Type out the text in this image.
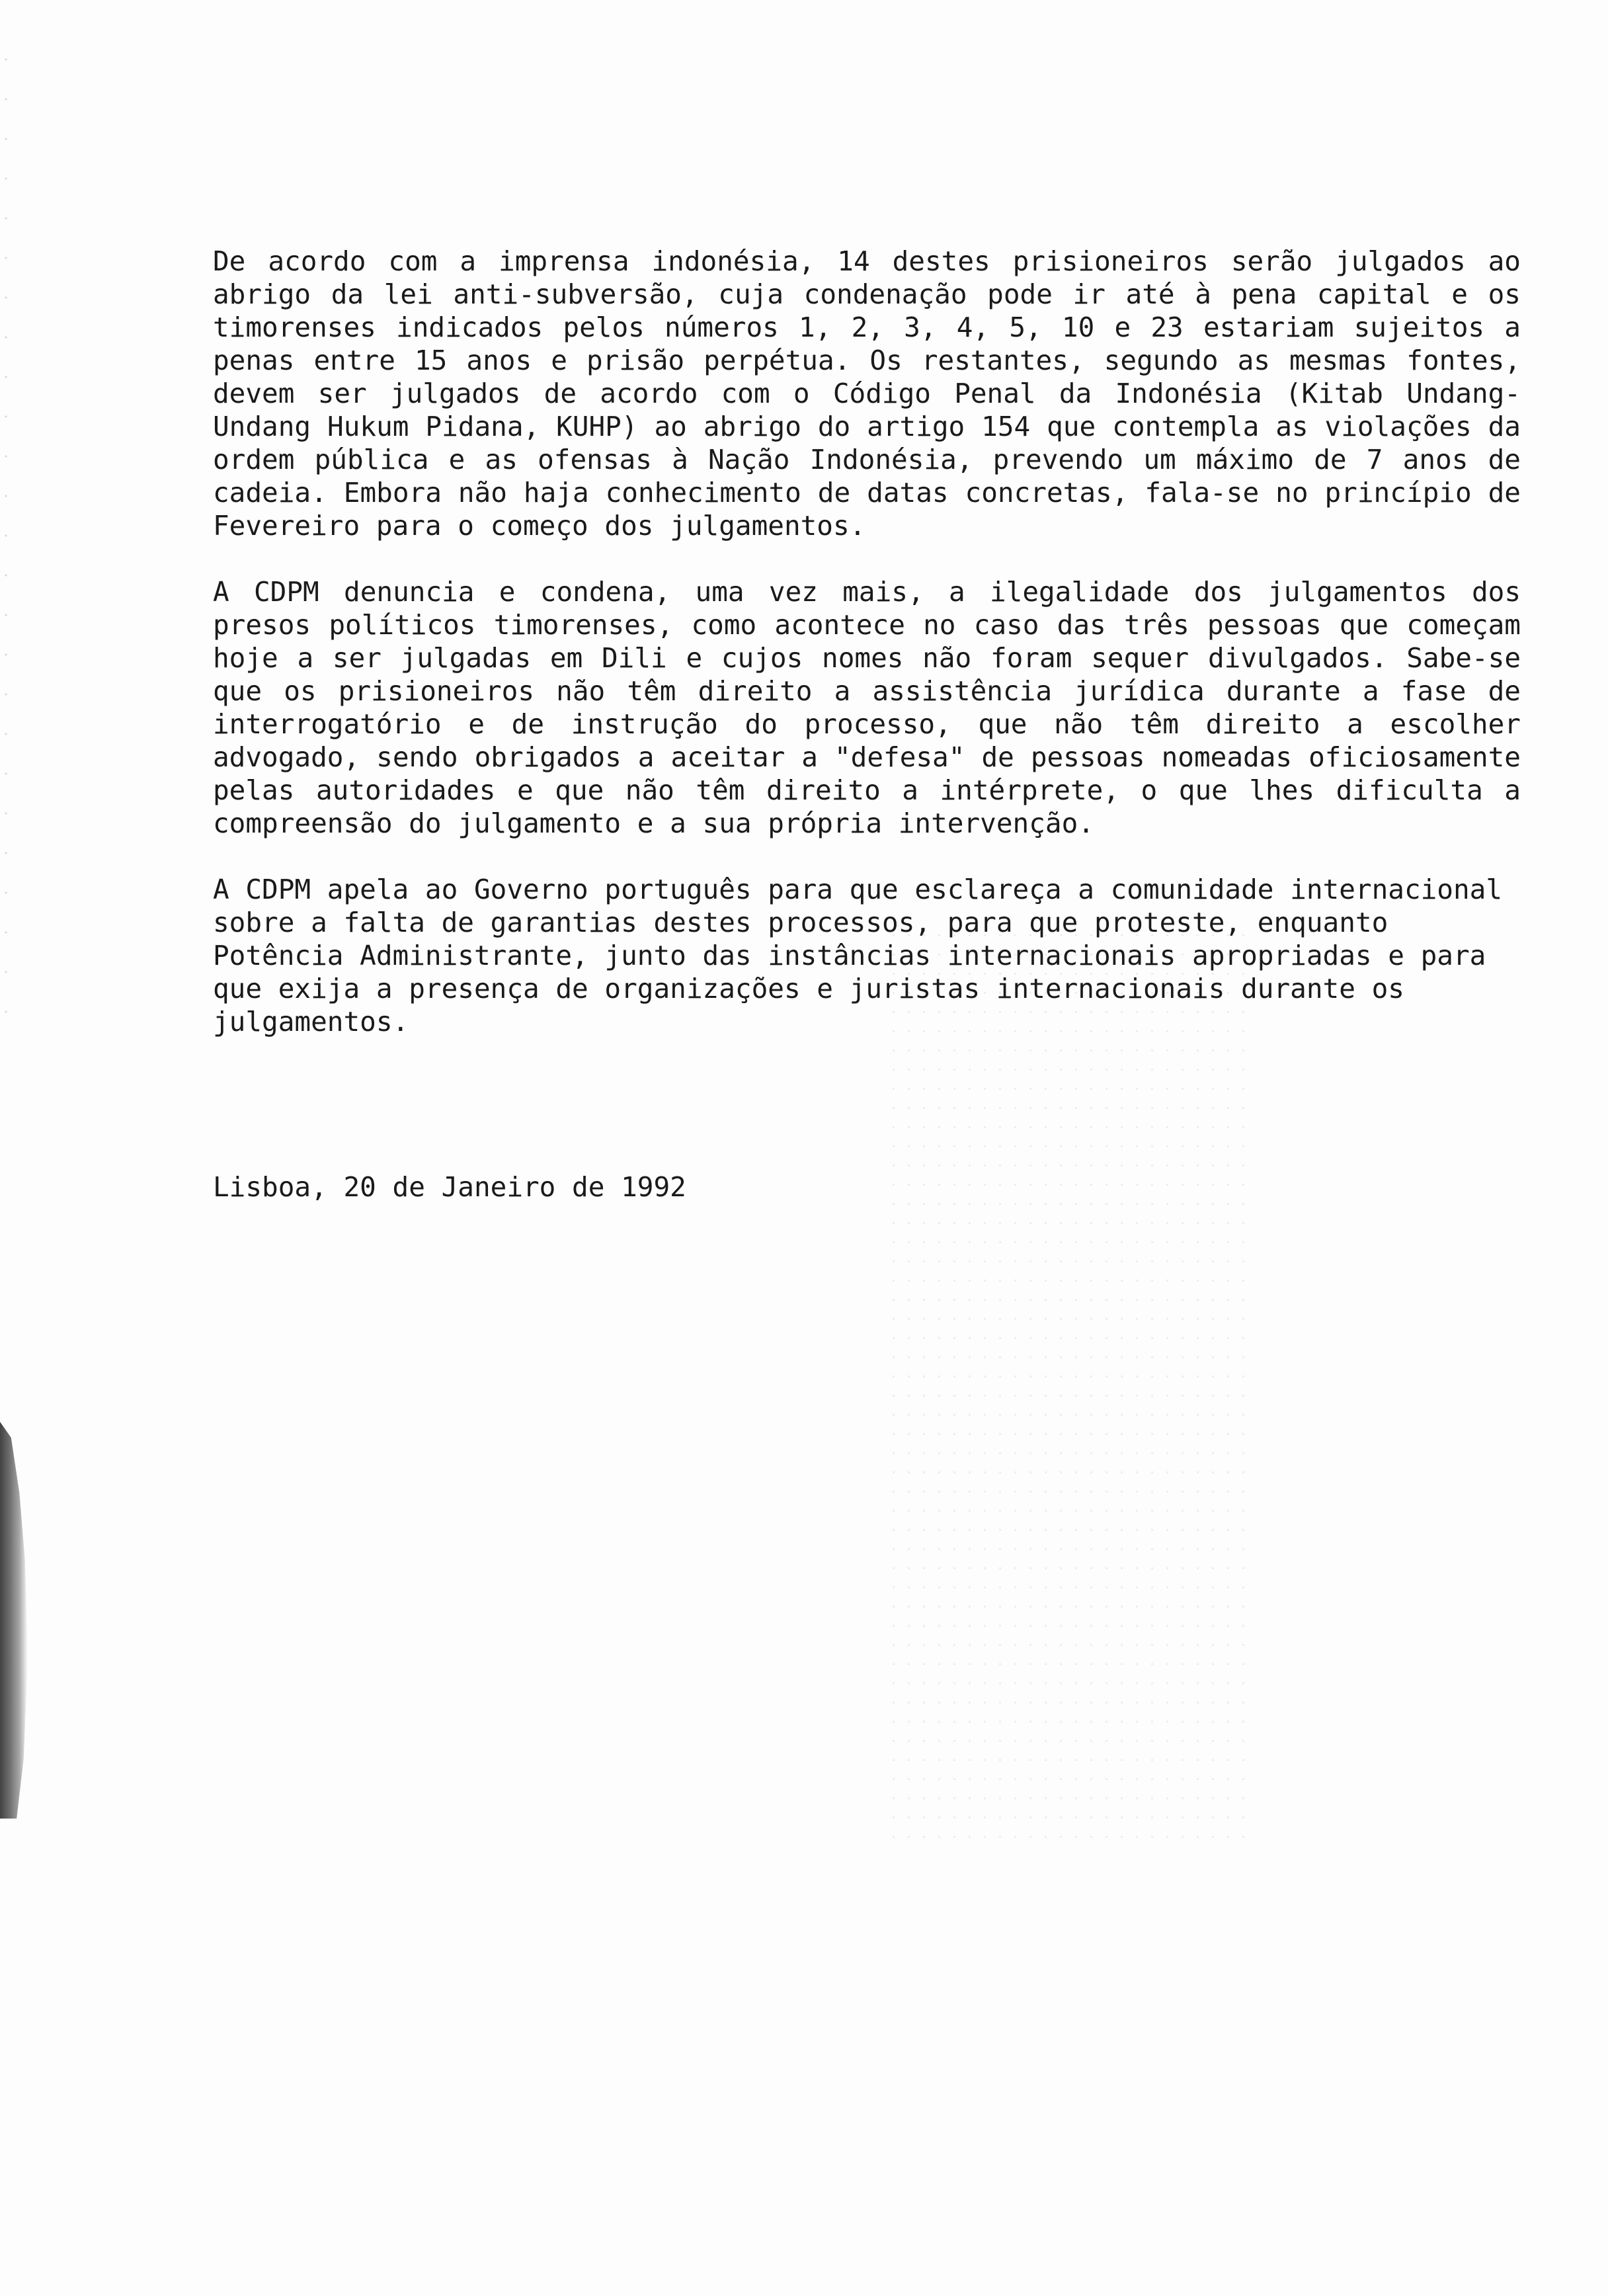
De acordo com a imprensa indonésia, 14 destes prisioneiros serão julgados ao abrigo da lei anti-subversão, cuja condenação pode ir até à pena capital e os timorenses indicados pelos números 1, 2, 3, 4, 5, 10 e 23 estariam sujeitos a penas entre 15 anos e prisão perpétua. Os restantes, segundo as mesmas fontes, devem ser julgados de acordo com o Código Penal da Indonésia (Kitab Undang-Undang Hukum Pidana, KUHP) ao abrigo do artigo 154 que contempla as violações da ordem pública e as ofensas à Nação Indonésia, prevendo um máximo de 7 anos de cadeia. Embora não haja conhecimento de datas concretas, fala-se no princípio de Fevereiro para o começo dos julgamentos.

A CDPM denuncia e condena, uma vez mais, a ilegalidade dos julgamentos dos presos políticos timorenses, como acontece no caso das três pessoas que começam hoje a ser julgadas em Dili e cujos nomes não foram sequer divulgados. Sabe-se que os prisioneiros não têm direito a assistência jurídica durante a fase de interrogatório e de instrução do processo, que não têm direito a escolher advogado, sendo obrigados a aceitar a "defesa" de pessoas nomeadas oficiosamente pelas autoridades e que não têm direito a intérprete, o que lhes dificulta a compreensão do julgamento e a sua própria intervenção.

A CDPM apela ao Governo português para que esclareça a comunidade internacional sobre a falta de garantias destes processos, para que proteste, enquanto Potência Administrante, junto das instâncias internacionais apropriadas e para que exija a presença de organizações e juristas internacionais durante os julgamentos.

Lisboa, 20 de Janeiro de 1992
